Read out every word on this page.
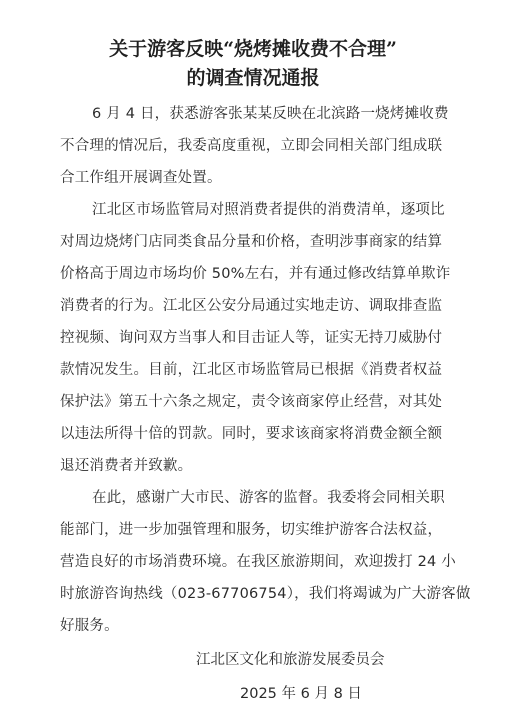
关于游客反映“烧烤摊收费不合理”
的调查情况通报
6 月 4 日，获悉游客张某某反映在北滨路一烧烤摊收费
不合理的情况后，我委高度重视，立即会同相关部门组成联
合工作组开展调查处置。
江北区市场监管局对照消费者提供的消费清单，逐项比
对周边烧烤门店同类食品分量和价格，查明涉事商家的结算
价格高于周边市场均价 50%左右，并有通过修改结算单欺诈
消费者的行为。江北区公安分局通过实地走访、调取排查监
控视频、询问双方当事人和目击证人等，证实无持刀威胁付
款情况发生。目前，江北区市场监管局已根据《消费者权益
保护法》第五十六条之规定，责令该商家停止经营，对其处
以违法所得十倍的罚款。同时，要求该商家将消费金额全额
退还消费者并致歉。
在此，感谢广大市民、游客的监督。我委将会同相关职
能部门，进一步加强管理和服务，切实维护游客合法权益，
营造良好的市场消费环境。在我区旅游期间，欢迎拨打 24 小
时旅游咨询热线（023-67706754），我们将竭诚为广大游客做
好服务。
江北区文化和旅游发展委员会
2025 年 6 月 8 日
